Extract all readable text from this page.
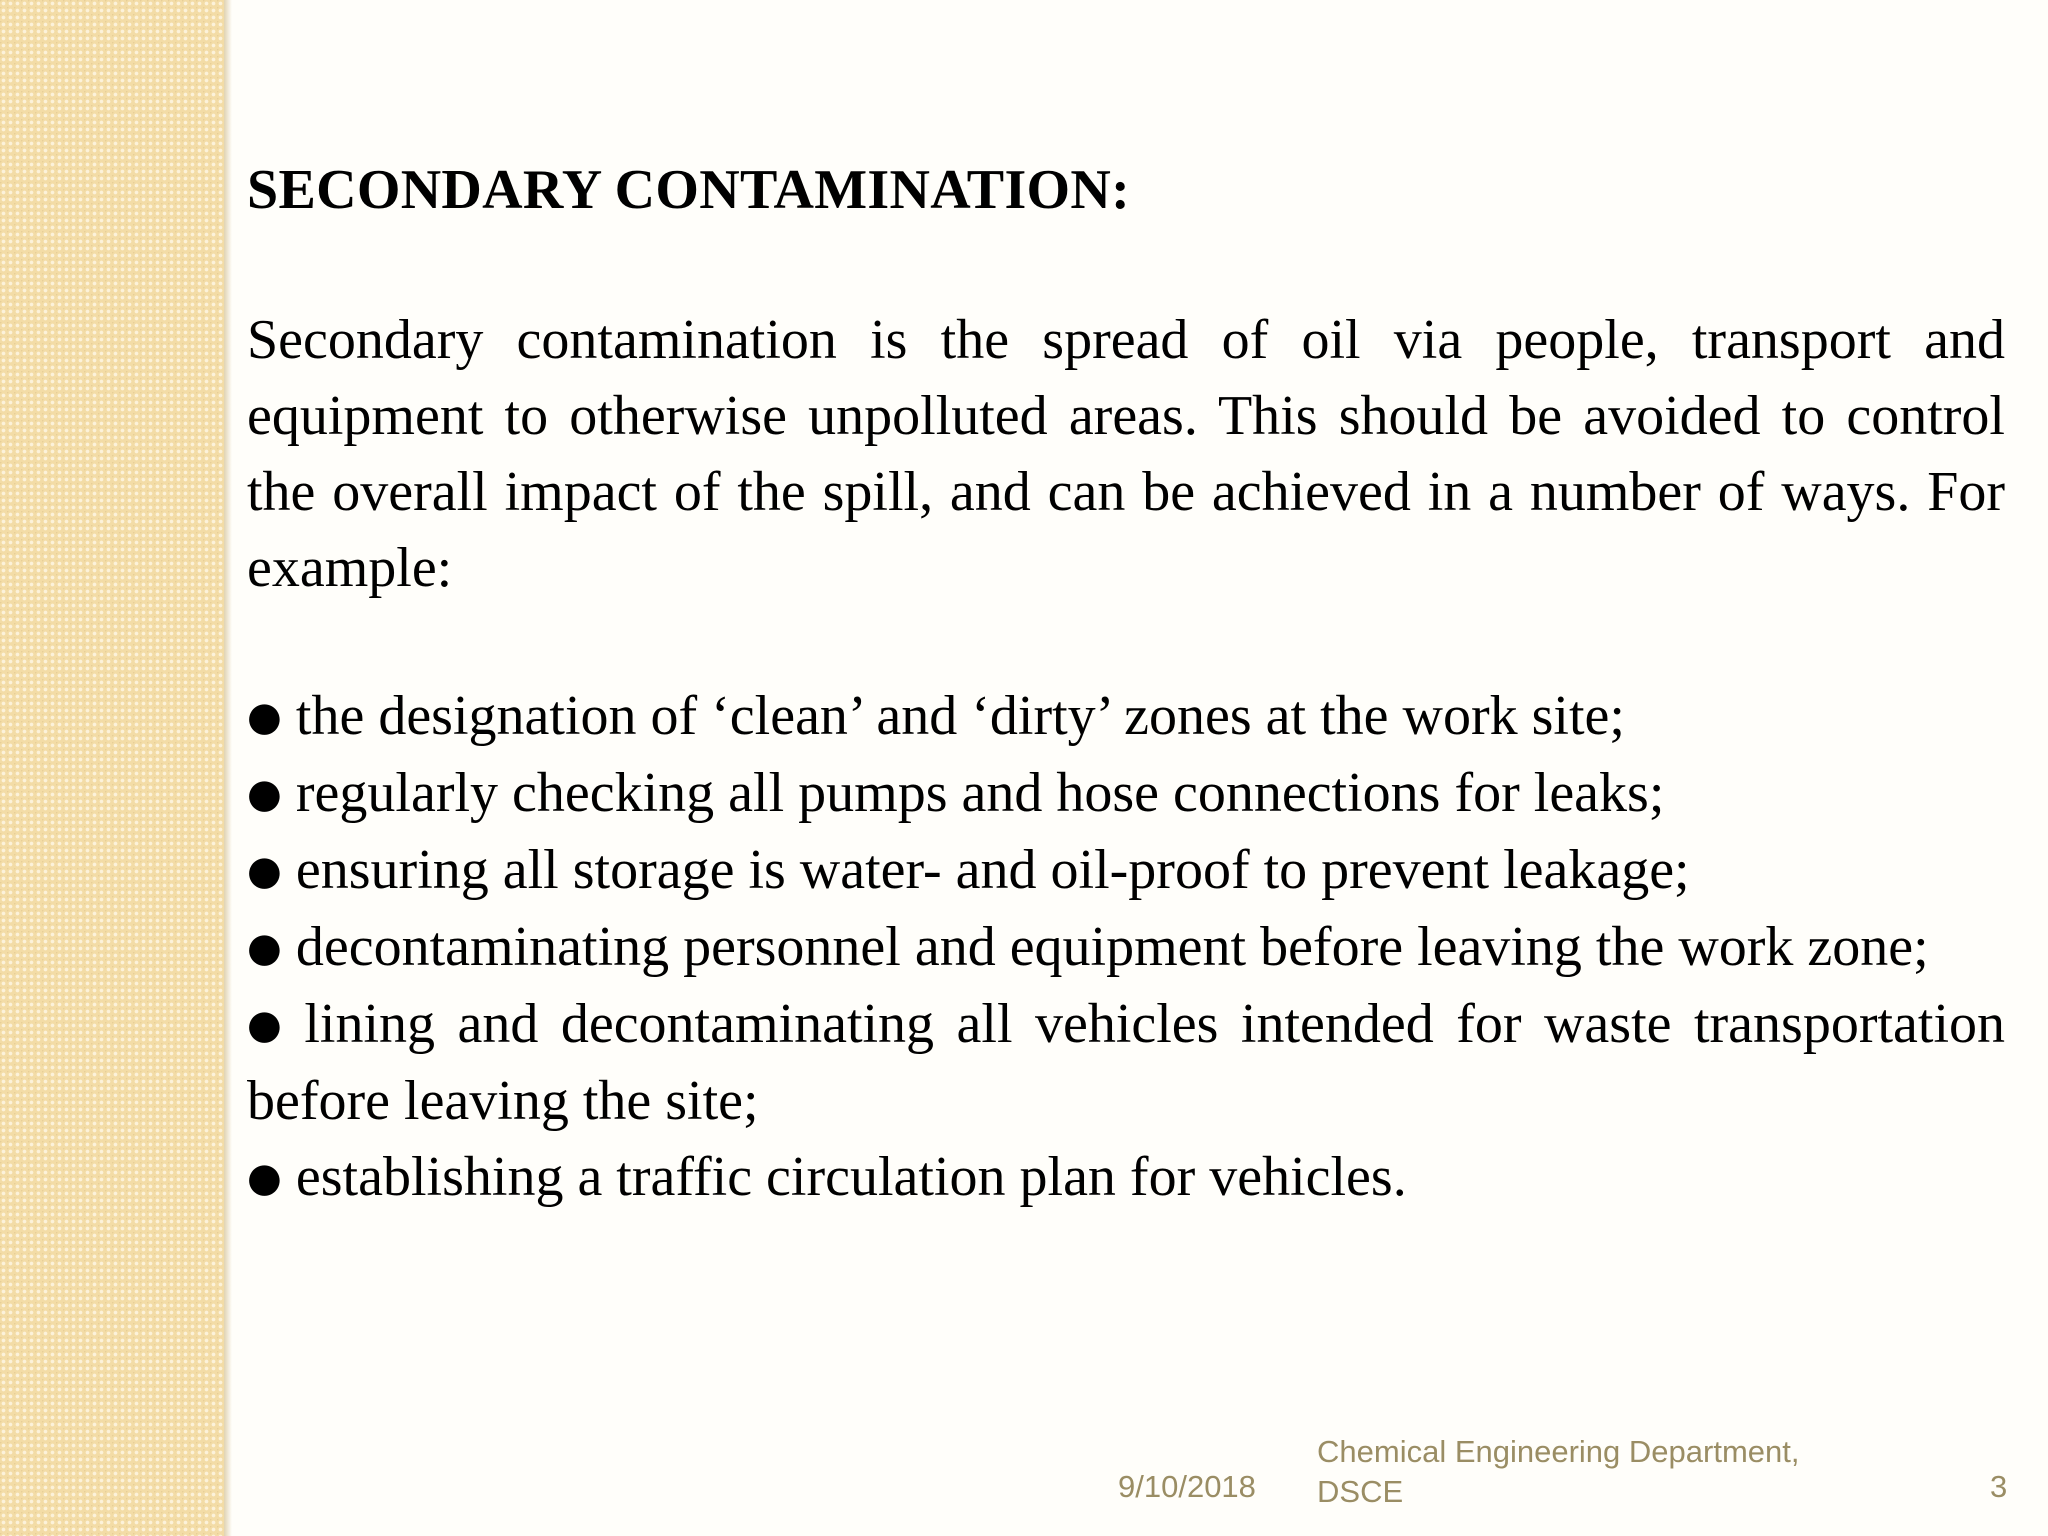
SECONDARY CONTAMINATION:

Secondary contamination is the spread of oil via people, transport and equipment to otherwise unpolluted areas. This should be avoided to control the overall impact of the spill, and can be achieved in a number of ways. For example:

● the designation of ‘clean’ and ‘dirty’ zones at the work site;
● regularly checking all pumps and hose connections for leaks;
● ensuring all storage is water- and oil-proof to prevent leakage;
● decontaminating personnel and equipment before leaving the work zone;
● lining and decontaminating all vehicles intended for waste transportation before leaving the site;
● establishing a traffic circulation plan for vehicles.
9/10/2018
Chemical Engineering Department, DSCE	3
